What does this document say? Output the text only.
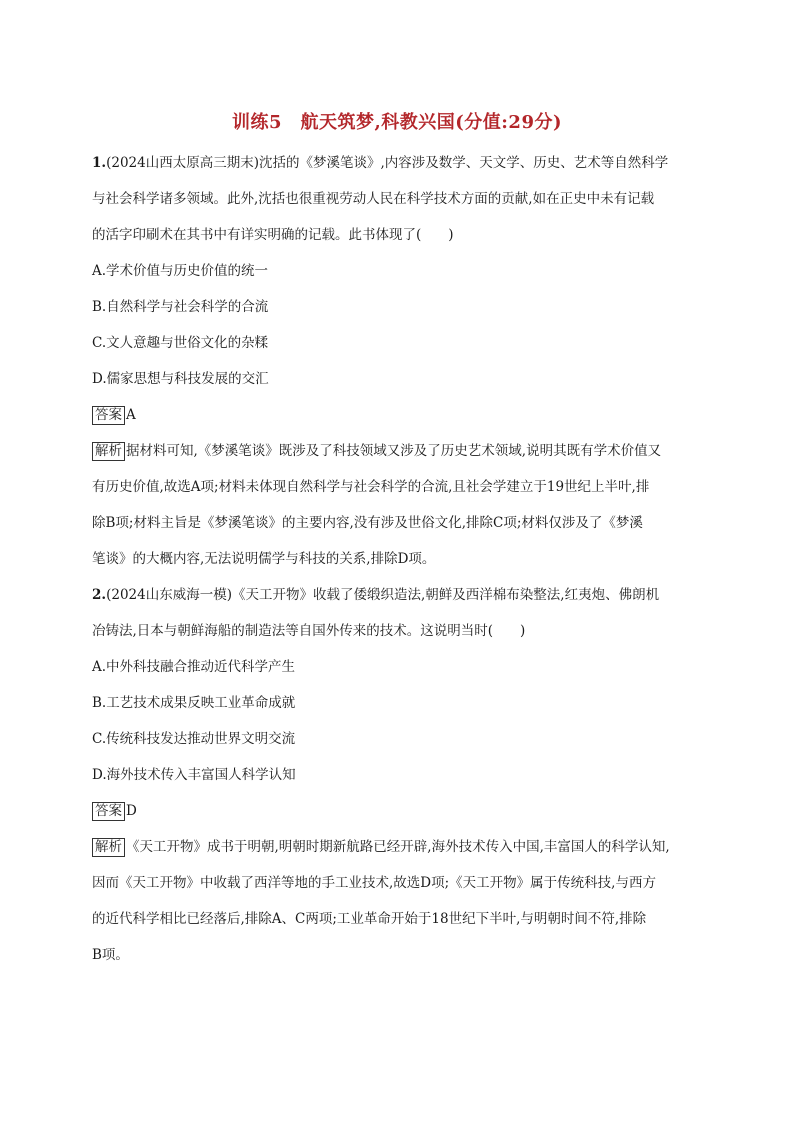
训练5　航天筑梦,科教兴国(分值:29分)
1.(2024山西太原高三期末)沈括的《梦溪笔谈》,内容涉及数学、天文学、历史、艺术等自然科学
与社会科学诸多领域。此外,沈括也很重视劳动人民在科学技术方面的贡献,如在正史中未有记载
的活字印刷术在其书中有详实明确的记载。此书体现了(　　)
A.学术价值与历史价值的统一
B.自然科学与社会科学的合流
C.文人意趣与世俗文化的杂糅
D.儒家思想与科技发展的交汇
答案 A
解析 据材料可知,《梦溪笔谈》既涉及了科技领域又涉及了历史艺术领域,说明其既有学术价值又
有历史价值,故选A项;材料未体现自然科学与社会科学的合流,且社会学建立于19世纪上半叶,排
除B项;材料主旨是《梦溪笔谈》的主要内容,没有涉及世俗文化,排除C项;材料仅涉及了《梦溪
笔谈》的大概内容,无法说明儒学与科技的关系,排除D项。
2.(2024山东威海一模)《天工开物》收载了倭缎织造法,朝鲜及西洋棉布染整法,红夷炮、佛朗机
冶铸法,日本与朝鲜海船的制造法等自国外传来的技术。这说明当时(　　)
A.中外科技融合推动近代科学产生
B.工艺技术成果反映工业革命成就
C.传统科技发达推动世界文明交流
D.海外技术传入丰富国人科学认知
答案 D
解析 《天工开物》成书于明朝,明朝时期新航路已经开辟,海外技术传入中国,丰富国人的科学认知,
因而《天工开物》中收载了西洋等地的手工业技术,故选D项;《天工开物》属于传统科技,与西方
的近代科学相比已经落后,排除A、C两项;工业革命开始于18世纪下半叶,与明朝时间不符,排除
B项。
